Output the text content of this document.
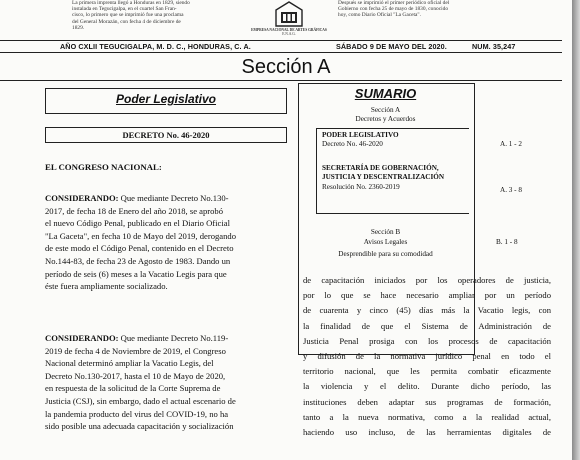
La primera imprenta llegó a Honduras en 1829, siendo
instalada en Tegucigalpa, en el cuartel San Fran-
cisco, lo primero que se imprimió fue una proclama
del General Morazán, con fecha 4 de diciembre de
1829.	EMPRESA NACIONAL DE ARTES GRÁFICAS
E.N.A.G.
Después se imprimió el primer periódico oficial del
Gobierno con fecha 25 de mayo de 1830, conocido
hoy, como Diario Oficial "La Gaceta".
AÑO CXLII TEGUCIGALPA, M. D. C., HONDURAS, C. A.	SÁBADO 9 DE MAYO DEL 2020.	NUM. 35,247
Sección A
Poder Legislativo
DECRETO No. 46-2020
EL CONGRESO NACIONAL:
CONSIDERANDO: Que mediante Decreto No.130-
2017, de fecha 18 de Enero del año 2018, se aprobó
el nuevo Código Penal, publicado en el Diario Oficial
"La Gaceta", en fecha 10 de Mayo del 2019, derogando
de este modo el Código Penal, contenido en el Decreto
No.144-83, de fecha 23 de Agosto de 1983. Dando un
período de seis (6) meses a la Vacatio Legis para que
éste fuera ampliamente socializado.
CONSIDERANDO: Que mediante Decreto No.119-
2019 de fecha 4 de Noviembre de 2019, el Congreso
Nacional determinó ampliar la Vacatio Legis, del
Decreto No.130-2017, hasta el 10 de Mayo de 2020,
en respuesta de la solicitud de la Corte Suprema de
Justicia (CSJ), sin embargo, dado el actual escenario de
la pandemia producto del virus del COVID-19, no ha
sido posible una adecuada capacitación y socialización
SUMARIO
Sección A
Decretos y Acuerdos
PODER LEGISLATIVO
Decreto No. 46-2020	A. 1 - 2
SECRETARÍA DE GOBERNACIÓN,
JUSTICIA Y DESCENTRALIZACIÓN
Resolución No. 2360-2019	A. 3 - 8
Sección B
Avisos Legales	B. 1 - 8
Desprendible para su comodidad
de capacitación iniciados por los operadores de justicia,
por lo que se hace necesario ampliar por un período
de cuarenta y cinco (45) días más la Vacatio legis, con
la finalidad de que el Sistema de Administración de
Justicia Penal prosiga con los procesos de capacitación
y difusión de la normativa jurídico penal en todo el
territorio nacional, que les permita combatir eficazmente
la violencia y el delito. Durante dicho período, las
instituciones deben adaptar sus programas de formación,
tanto a la nueva normativa, como a la realidad actual,
haciendo uso incluso, de las herramientas digitales de
